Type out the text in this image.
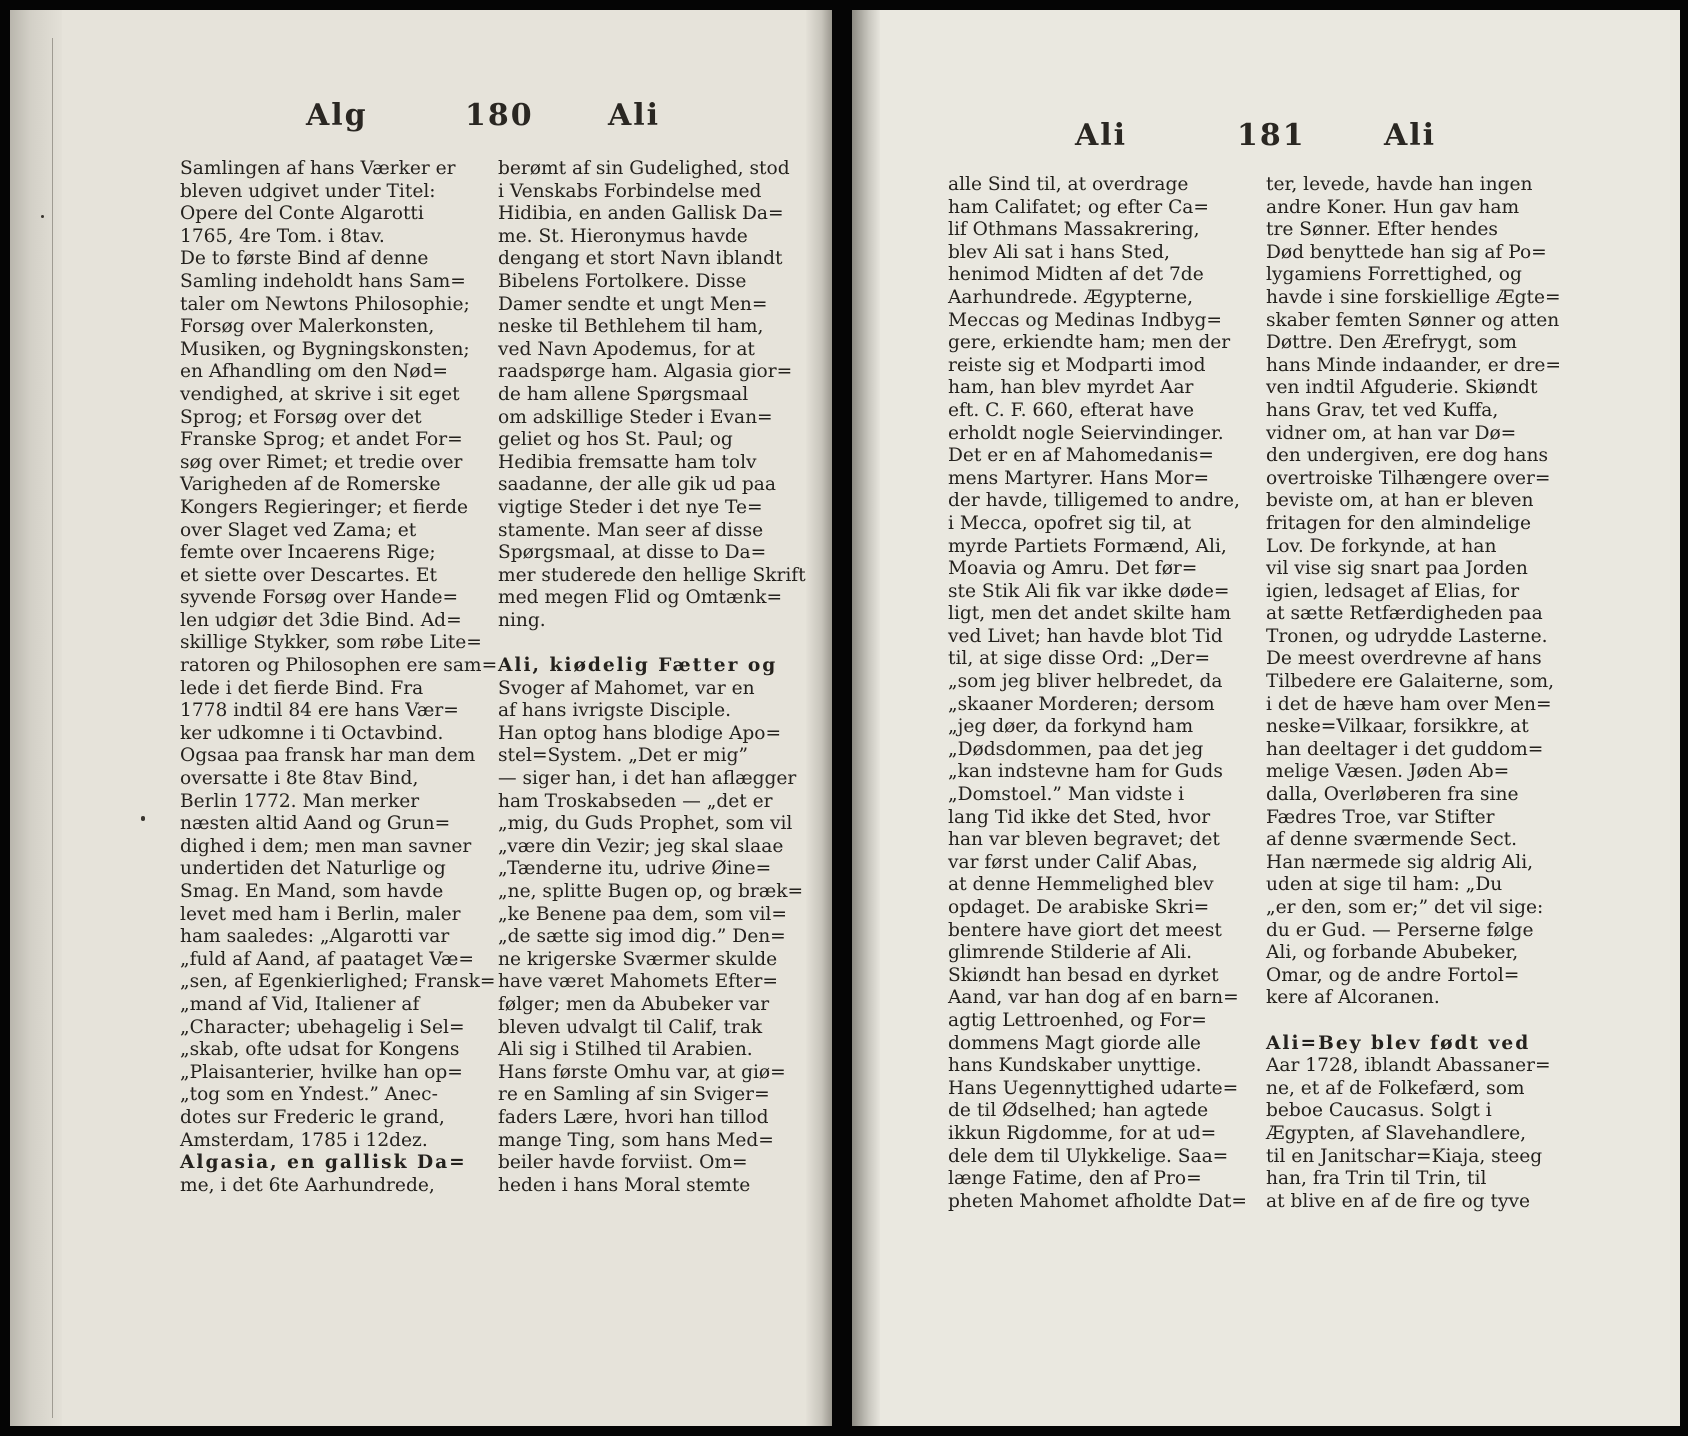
Alg	180 Ali
Samlingen af hans Værker er
bleven udgivet under Titel:
Opere del Conte Algarotti
1765, 4re Tom. i 8tav.
De to første Bind af denne
Samling indeholdt hans Sam=
taler om Newtons Philosophie;
Forsøg over Malerkonsten,
Musiken, og Bygningskonsten;
en Afhandling om den Nød=
vendighed, at skrive i sit eget
Sprog; et Forsøg over det
Franske Sprog; et andet For=
søg over Rimet; et tredie over
Varigheden af de Romerske
Kongers Regieringer; et fierde
over Slaget ved Zama; et
femte over Incaerens Rige;
et siette over Descartes. Et
syvende Forsøg over Hande=
len udgiør det 3die Bind. Ad=
skillige Stykker, som røbe Lite=
ratoren og Philosophen ere sam=
lede i det fierde Bind. Fra
1778 indtil 84 ere hans Vær=
ker udkomne i ti Octavbind.
Ogsaa paa fransk har man dem
oversatte i 8te 8tav Bind,
Berlin 1772. Man merker
næsten altid Aand og Grun=
dighed i dem; men man savner
undertiden det Naturlige og
Smag. En Mand, som havde
levet med ham i Berlin, maler
ham saaledes: „Algarotti var
„fuld af Aand, af paataget Væ=
„sen, af Egenkierlighed; Fransk=
„mand af Vid, Italiener af
„Character; ubehagelig i Sel=
„skab, ofte udsat for Kongens
„Plaisanterier, hvilke han op=
„tog som en Yndest.” Anec-
dotes sur Frederic le grand,
Amsterdam, 1785 i 12dez.
Algasia, en gallisk Da=
me, i det 6te Aarhundrede,
berømt af sin Gudelighed, stod
i Venskabs Forbindelse med
Hidibia, en anden Gallisk Da=
me. St. Hieronymus havde
dengang et stort Navn iblandt
Bibelens Fortolkere. Disse
Damer sendte et ungt Men=
neske til Bethlehem til ham,
ved Navn Apodemus, for at
raadspørge ham. Algasia gior=
de ham allene Spørgsmaal
om adskillige Steder i Evan=
geliet og hos St. Paul; og
Hedibia fremsatte ham tolv
saadanne, der alle gik ud paa
vigtige Steder i det nye Te=
stamente. Man seer af disse
Spørgsmaal, at disse to Da=
mer studerede den hellige Skrift
med megen Flid og Omtænk=
ning.

Ali, kiødelig Fætter og
Svoger af Mahomet, var en
af hans ivrigste Disciple.
Han optog hans blodige Apo=
stel=System. „Det er mig”
— siger han, i det han aflægger
ham Troskabseden — „det er
„mig, du Guds Prophet, som vil
„være din Vezir; jeg skal slaae
„Tænderne itu, udrive Øine=
„ne, splitte Bugen op, og bræk=
„ke Benene paa dem, som vil=
„de sætte sig imod dig.” Den=
ne krigerske Sværmer skulde
have været Mahomets Efter=
følger; men da Abubeker var
bleven udvalgt til Calif, trak
Ali sig i Stilhed til Arabien.
Hans første Omhu var, at giø=
re en Samling af sin Sviger=
faders Lære, hvori han tillod
mange Ting, som hans Med=
beiler havde forviist. Om=
heden i hans Moral stemte
Ali	181	Ali
alle Sind til, at overdrage
ham Califatet; og efter Ca=
lif Othmans Massakrering,
blev Ali sat i hans Sted,
henimod Midten af det 7de
Aarhundrede. Ægypterne,
Meccas og Medinas Indbyg=
gere, erkiendte ham; men der
reiste sig et Modparti imod
ham, han blev myrdet Aar
eft. C. F. 660, efterat have
erholdt nogle Seiervindinger.
Det er en af Mahomedanis=
mens Martyrer. Hans Mor=
der havde, tilligemed to andre,
i Mecca, opofret sig til, at
myrde Partiets Formænd, Ali,
Moavia og Amru. Det før=
ste Stik Ali fik var ikke døde=
ligt, men det andet skilte ham
ved Livet; han havde blot Tid
til, at sige disse Ord: „Der=
„som jeg bliver helbredet, da
„skaaner Morderen; dersom
„jeg døer, da forkynd ham
„Dødsdommen, paa det jeg
„kan indstevne ham for Guds
„Domstoel.” Man vidste i
lang Tid ikke det Sted, hvor
han var bleven begravet; det
var først under Calif Abas,
at denne Hemmelighed blev
opdaget. De arabiske Skri=
bentere have giort det meest
glimrende Stilderie af Ali.
Skiøndt han besad en dyrket
Aand, var han dog af en barn=
agtig Lettroenhed, og For=
dommens Magt giorde alle
hans Kundskaber unyttige.
Hans Uegennyttighed udarte=
de til Ødselhed; han agtede
ikkun Rigdomme, for at ud=
dele dem til Ulykkelige. Saa=
længe Fatime, den af Pro=
pheten Mahomet afholdte Dat=
ter, levede, havde han ingen
andre Koner. Hun gav ham
tre Sønner. Efter hendes
Død benyttede han sig af Po=
lygamiens Forrettighed, og
havde i sine forskiellige Ægte=
skaber femten Sønner og atten
Døttre. Den Ærefrygt, som
hans Minde indaander, er dre=
ven indtil Afguderie. Skiøndt
hans Grav, tet ved Kuffa,
vidner om, at han var Dø=
den undergiven, ere dog hans
overtroiske Tilhængere over=
beviste om, at han er bleven
fritagen for den almindelige
Lov. De forkynde, at han
vil vise sig snart paa Jorden
igien, ledsaget af Elias, for
at sætte Retfærdigheden paa
Tronen, og udrydde Lasterne.
De meest overdrevne af hans
Tilbedere ere Galaiterne, som,
i det de hæve ham over Men=
neske=Vilkaar, forsikkre, at
han deeltager i det guddom=
melige Væsen. Jøden Ab=
dalla, Overløberen fra sine
Fædres Troe, var Stifter
af denne sværmende Sect.
Han nærmede sig aldrig Ali,
uden at sige til ham: „Du
„er den, som er;” det vil sige:
du er Gud. — Perserne følge
Ali, og forbande Abubeker,
Omar, og de andre Fortol=
kere af Alcoranen.

Ali=Bey blev født ved
Aar 1728, iblandt Abassaner=
ne, et af de Folkefærd, som
beboe Caucasus. Solgt i
Ægypten, af Slavehandlere,
til en Janitschar=Kiaja, steeg
han, fra Trin til Trin, til
at blive en af de fire og tyve
